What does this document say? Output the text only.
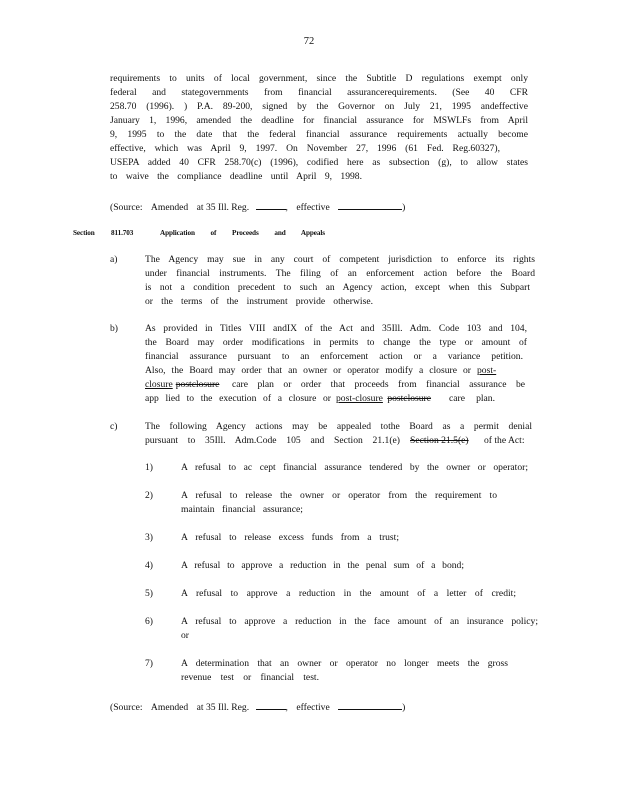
72
requirements to units of local government, since the Subtitle D regulations exempt only
federal and stategovernments from financial assurancerequirements. (See 40 CFR
258.70 (1996). ) P.A. 89-200, signed by the Governor on July 21, 1995 andeffective
January 1, 1996, amended the deadline for financial assurance for MSWLFs from April
9, 1995 to the date that the federal financial assurance requirements actually become
effective, which was April 9, 1997. On November 27, 1996 (61 Fed. Reg.60327),
USEPA added 40 CFR 258.70(c) (1996), codified here as subsection (g), to allow states
to waive the compliance deadline until April 9, 1998.
(Source: Amended at 35 Ill. Reg.	, effective	)
Section 811.703	Application of Proceeds and Appeals
a)	The Agency may sue in any court of competent jurisdiction to enforce its rights
under financial instruments. The filing of an enforcement action before the Board
is not a condition precedent to such an Agency action, except when this Subpart
or the terms of the instrument provide otherwise.
b)	As provided in Titles VIII andIX of the Act and 35Ill. Adm. Code 103 and 104,
the Board may order modifications in permits to change the type or amount of
financial assurance pursuant to an enforcement action or a variance petition.
Also, the Board may order that an owner or operator modify a closure or post-
closure postclosure care plan or order that proceeds from financial assurance be
app lied to the execution of a closure or post-closure postclosure care plan.
c)	The following Agency actions may be appealed tothe Board as a permit denial
pursuant to 35Ill. Adm.Code 105 and Section 21.1(e) Section 21.5(e) of the Act:
1)	A refusal to ac cept financial assurance tendered by the owner or operator;
2)	A refusal to release the owner or operator from the requirement to
maintain financial assurance;
3)	A refusal to release excess funds from a trust;
4)	A refusal to approve a reduction in the penal sum of a bond;
5)	A refusal to approve a reduction in the amount of a letter of credit;
6)	A refusal to approve a reduction in the face amount of an insurance policy;
or
7)	A determination that an owner or operator no longer meets the gross
revenue test or financial test.
(Source: Amended at 35 Ill. Reg.	, effective	)
